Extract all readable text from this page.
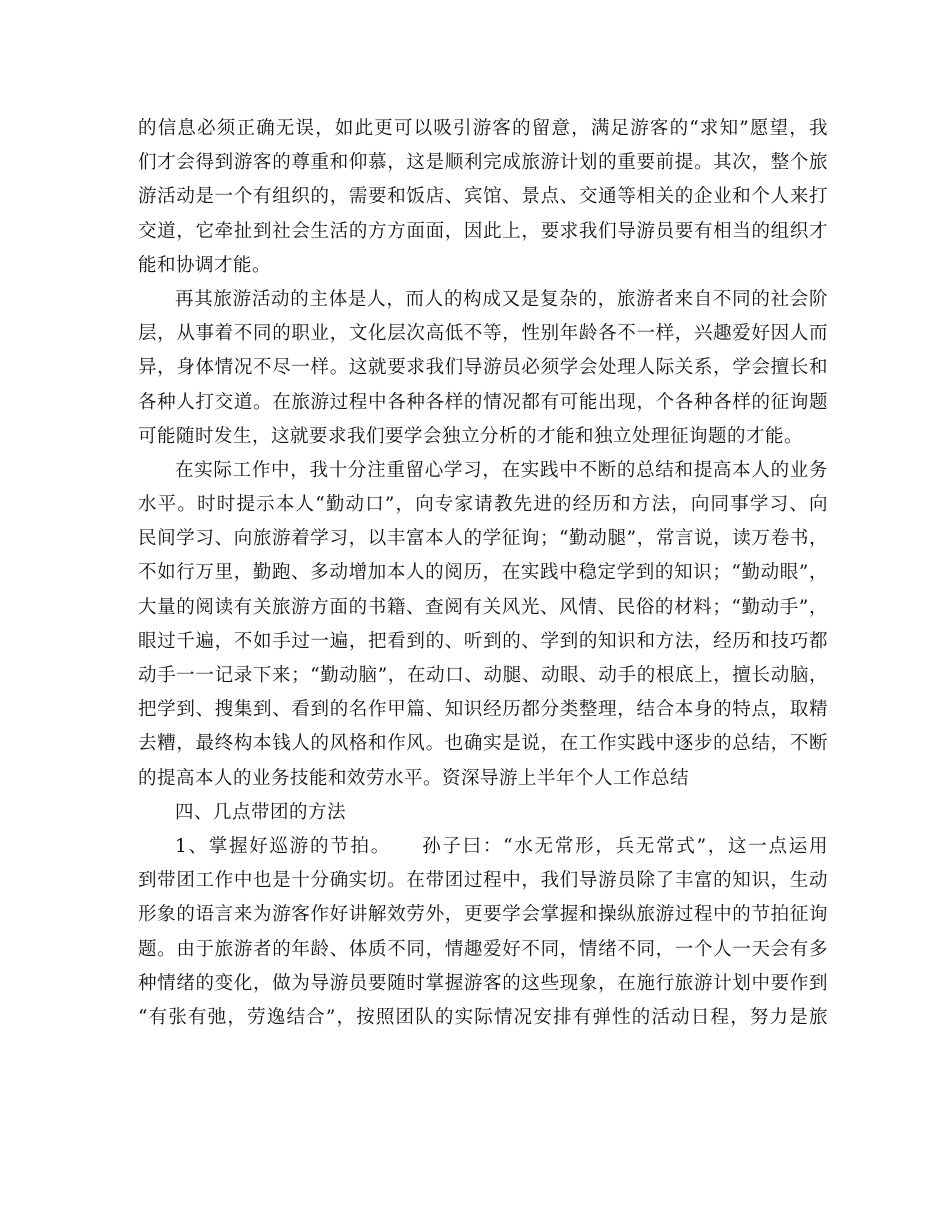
的信息必须正确无误，如此更可以吸引游客的留意，满足游客的“求知”愿望，我
们才会得到游客的尊重和仰慕，这是顺利完成旅游计划的重要前提。其次，整个旅
游活动是一个有组织的，需要和饭店、宾馆、景点、交通等相关的企业和个人来打
交道，它牵扯到社会生活的方方面面，因此上，要求我们导游员要有相当的组织才
能和协调才能。
再其旅游活动的主体是人，而人的构成又是复杂的，旅游者来自不同的社会阶
层，从事着不同的职业，文化层次高低不等，性别年龄各不一样，兴趣爱好因人而
异，身体情况不尽一样。这就要求我们导游员必须学会处理人际关系，学会擅长和
各种人打交道。在旅游过程中各种各样的情况都有可能出现，个各种各样的征询题
可能随时发生，这就要求我们要学会独立分析的才能和独立处理征询题的才能。
在实际工作中，我十分注重留心学习，在实践中不断的总结和提高本人的业务
水平。时时提示本人“勤动口”，向专家请教先进的经历和方法，向同事学习、向
民间学习、向旅游着学习，以丰富本人的学征询；“勤动腿”，常言说，读万卷书，
不如行万里，勤跑、多动增加本人的阅历，在实践中稳定学到的知识；“勤动眼”，
大量的阅读有关旅游方面的书籍、查阅有关风光、风情、民俗的材料；“勤动手”，
眼过千遍，不如手过一遍，把看到的、听到的、学到的知识和方法，经历和技巧都
动手一一记录下来；“勤动脑”，在动口、动腿、动眼、动手的根底上，擅长动脑，
把学到、搜集到、看到的名作甲篇、知识经历都分类整理，结合本身的特点，取精
去糟，最终构本钱人的风格和作风。也确实是说，在工作实践中逐步的总结，不断
的提高本人的业务技能和效劳水平。资深导游上半年个人工作总结
四、几点带团的方法
1、掌握好巡游的节拍。　　孙子曰：“水无常形，兵无常式”，这一点运用
到带团工作中也是十分确实切。在带团过程中，我们导游员除了丰富的知识，生动
形象的语言来为游客作好讲解效劳外，更要学会掌握和操纵旅游过程中的节拍征询
题。由于旅游者的年龄、体质不同，情趣爱好不同，情绪不同，一个人一天会有多
种情绪的变化，做为导游员要随时掌握游客的这些现象，在施行旅游计划中要作到
“有张有弛，劳逸结合”，按照团队的实际情况安排有弹性的活动日程，努力是旅
